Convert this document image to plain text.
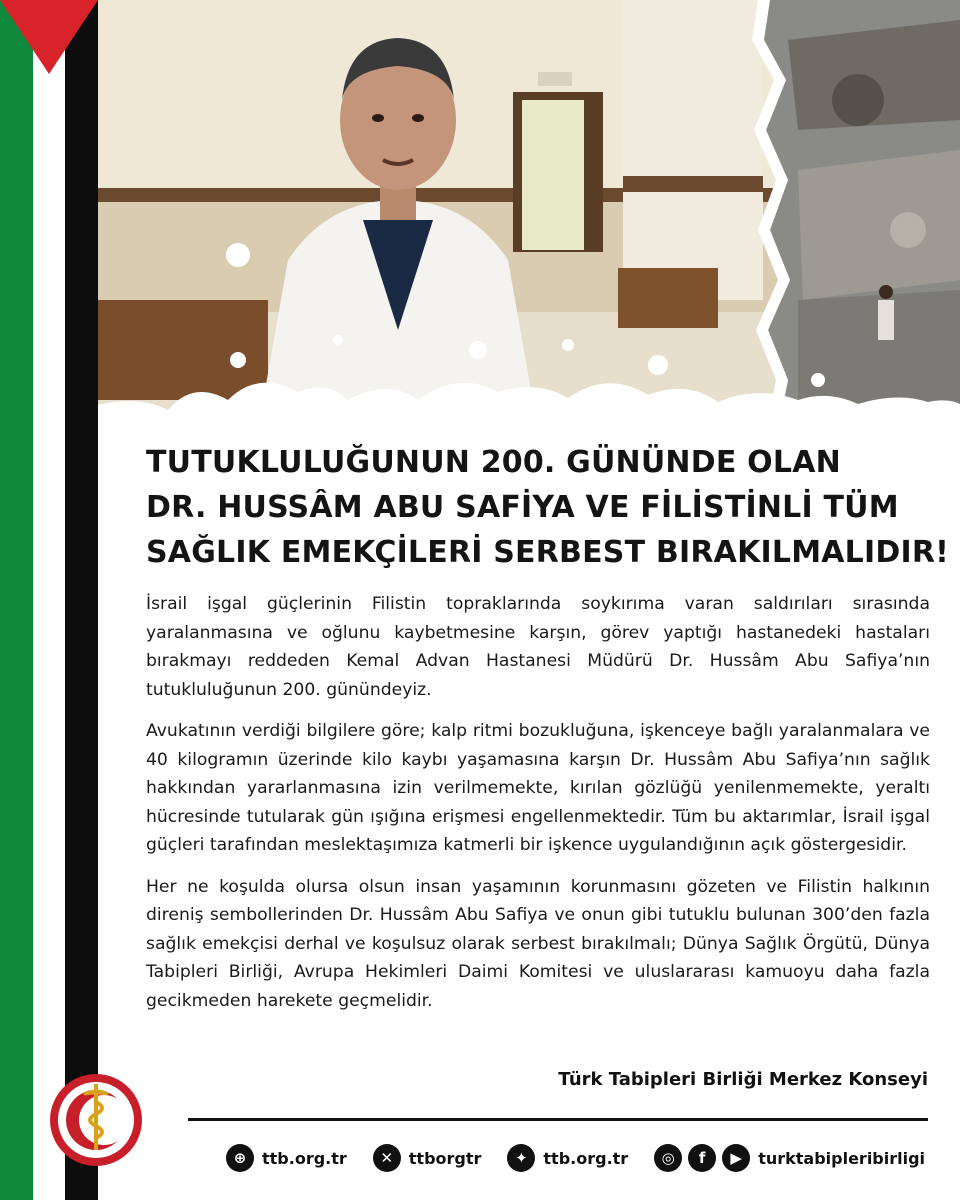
TUTUKLULUĞUNUN 200. GÜNÜNDE OLAN
DR. HUSSÂM ABU SAFİYA VE FİLİSTİNLİ TÜM
SAĞLIK EMEKÇİLERİ SERBEST BIRAKILMALIDIR!

İsrail işgal güçlerinin Filistin topraklarında soykırıma varan saldırıları sırasında yaralanmasına ve oğlunu kaybetmesine karşın, görev yaptığı hastanedeki hastaları bırakmayı reddeden Kemal Advan Hastanesi Müdürü Dr. Hussâm Abu Safiya’nın tutukluluğunun 200. günündeyiz.

Avukatının verdiği bilgilere göre; kalp ritmi bozukluğuna, işkenceye bağlı yaralanmalara ve 40 kilogramın üzerinde kilo kaybı yaşamasına karşın Dr. Hussâm Abu Safiya’nın sağlık hakkından yararlanmasına izin verilmemekte, kırılan gözlüğü yenilenmemekte, yeraltı hücresinde tutularak gün ışığına erişmesi engellenmektedir. Tüm bu aktarımlar, İsrail işgal güçleri tarafından meslektaşımıza katmerli bir işkence uygulandığının açık göstergesidir.

Her ne koşulda olursa olsun insan yaşamının korunmasını gözeten ve Filistin halkının direniş sembollerinden Dr. Hussâm Abu Safiya ve onun gibi tutuklu bulunan 300’den fazla sağlık emekçisi derhal ve koşulsuz olarak serbest bırakılmalı; Dünya Sağlık Örgütü, Dünya Tabipleri Birliği, Avrupa Hekimleri Daimi Komitesi ve uluslararası kamuoyu daha fazla gecikmeden harekete geçmelidir.

Türk Tabipleri Birliği Merkez Konseyi
⊕ ttb.org.tr	✕ ttborgtr	✦ ttb.org.tr	◎	f	▶	turktabipleribirligi
